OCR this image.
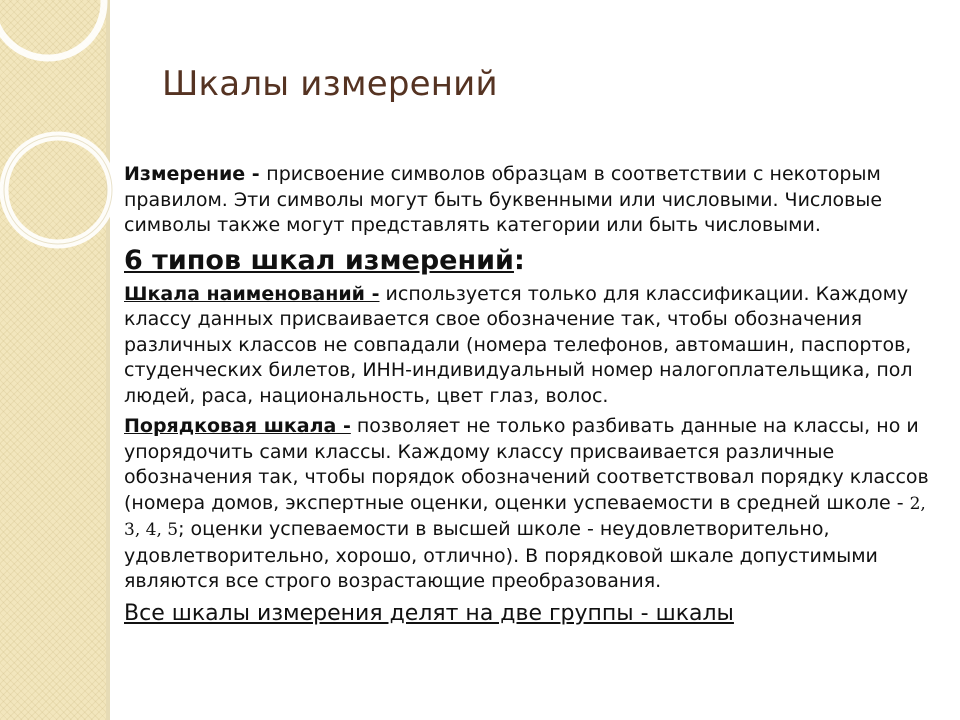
Шкалы измерений

Измерение - присвоение символов образцам в соответствии с некоторым правилом. Эти символы могут быть буквенными или числовыми. Числовые символы также могут представлять категории или быть числовыми.

6 типов шкал измерений:

Шкала наименований - используется только для классификации. Каждому классу данных присваивается свое обозначение так, чтобы обозначения различных классов не совпадали (номера телефонов, автомашин, паспортов, студенческих билетов, ИНН-индивидуальный номер налогоплательщика, пол людей, раса, национальность, цвет глаз, волос.

Порядковая шкала - позволяет не только разбивать данные на классы, но и упорядочить сами классы. Каждому классу присваивается различные обозначения так, чтобы порядок обозначений соответствовал порядку классов (номера домов, экспертные оценки, оценки успеваемости в средней школе - 2, 3, 4, 5; оценки успеваемости в высшей школе - неудовлетворительно, удовлетворительно, хорошо, отлично). В порядковой шкале допустимыми являются все строго возрастающие преобразования.

Все шкалы измерения делят на две группы - шкалы
